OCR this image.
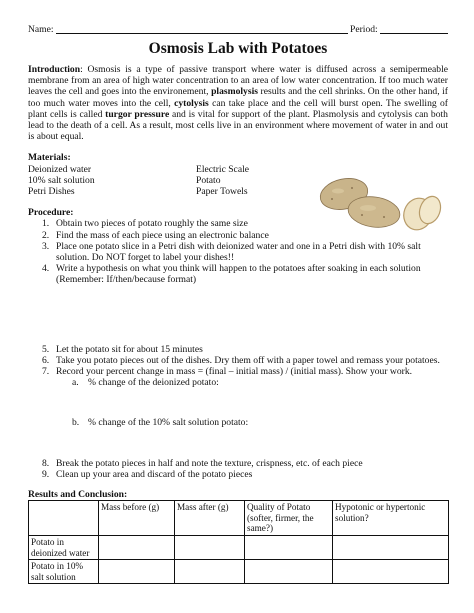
Name:	Period:
Osmosis Lab with Potatoes

Introduction: Osmosis is a type of passive transport where water is diffused across a semipermeable membrane from an area of high water concentration to an area of low water concentration. If too much water leaves the cell and goes into the environement, plasmolysis results and the cell shrinks. On the other hand, if too much water moves into the cell, cytolysis can take place and the cell will burst open. The swelling of plant cells is called turgor pressure and is vital for support of the plant. Plasmolysis and cytolysis can both lead to the death of a cell. As a result, most cells live in an environment where movement of water in and out is about equal.

Materials:
Deionized water	Electric Scale
10% salt solution	Potato
Petri Dishes	Paper Towels
Procedure:
1. Obtain two pieces of potato roughly the same size
2. Find the mass of each piece using an electronic balance
3. Place one potato slice in a Petri dish with deionized water and one in a Petri dish with 10% salt solution. Do NOT forget to label your dishes!!
4. Write a hypothesis on what you think will happen to the potatoes after soaking in each solution (Remember: If/then/because format)
5. Let the potato sit for about 15 minutes
6. Take you potato pieces out of the dishes. Dry them off with a paper towel and remass your potatoes.
7. Record your percent change in mass = (final – initial mass) / (initial mass). Show your work.
a. % change of the deionized potato:
b. % change of the 10% salt solution potato:
8. Break the potato pieces in half and note the texture, crispness, etc. of each piece
9. Clean up your area and discard of the potato pieces
Results and Conclusion:
	Mass before (g)	Mass after (g)	Quality of Potato (softer, firmer, the same?)	Hypotonic or hypertonic solution?
Potato in deionized water				
Potato in 10% salt solution				
